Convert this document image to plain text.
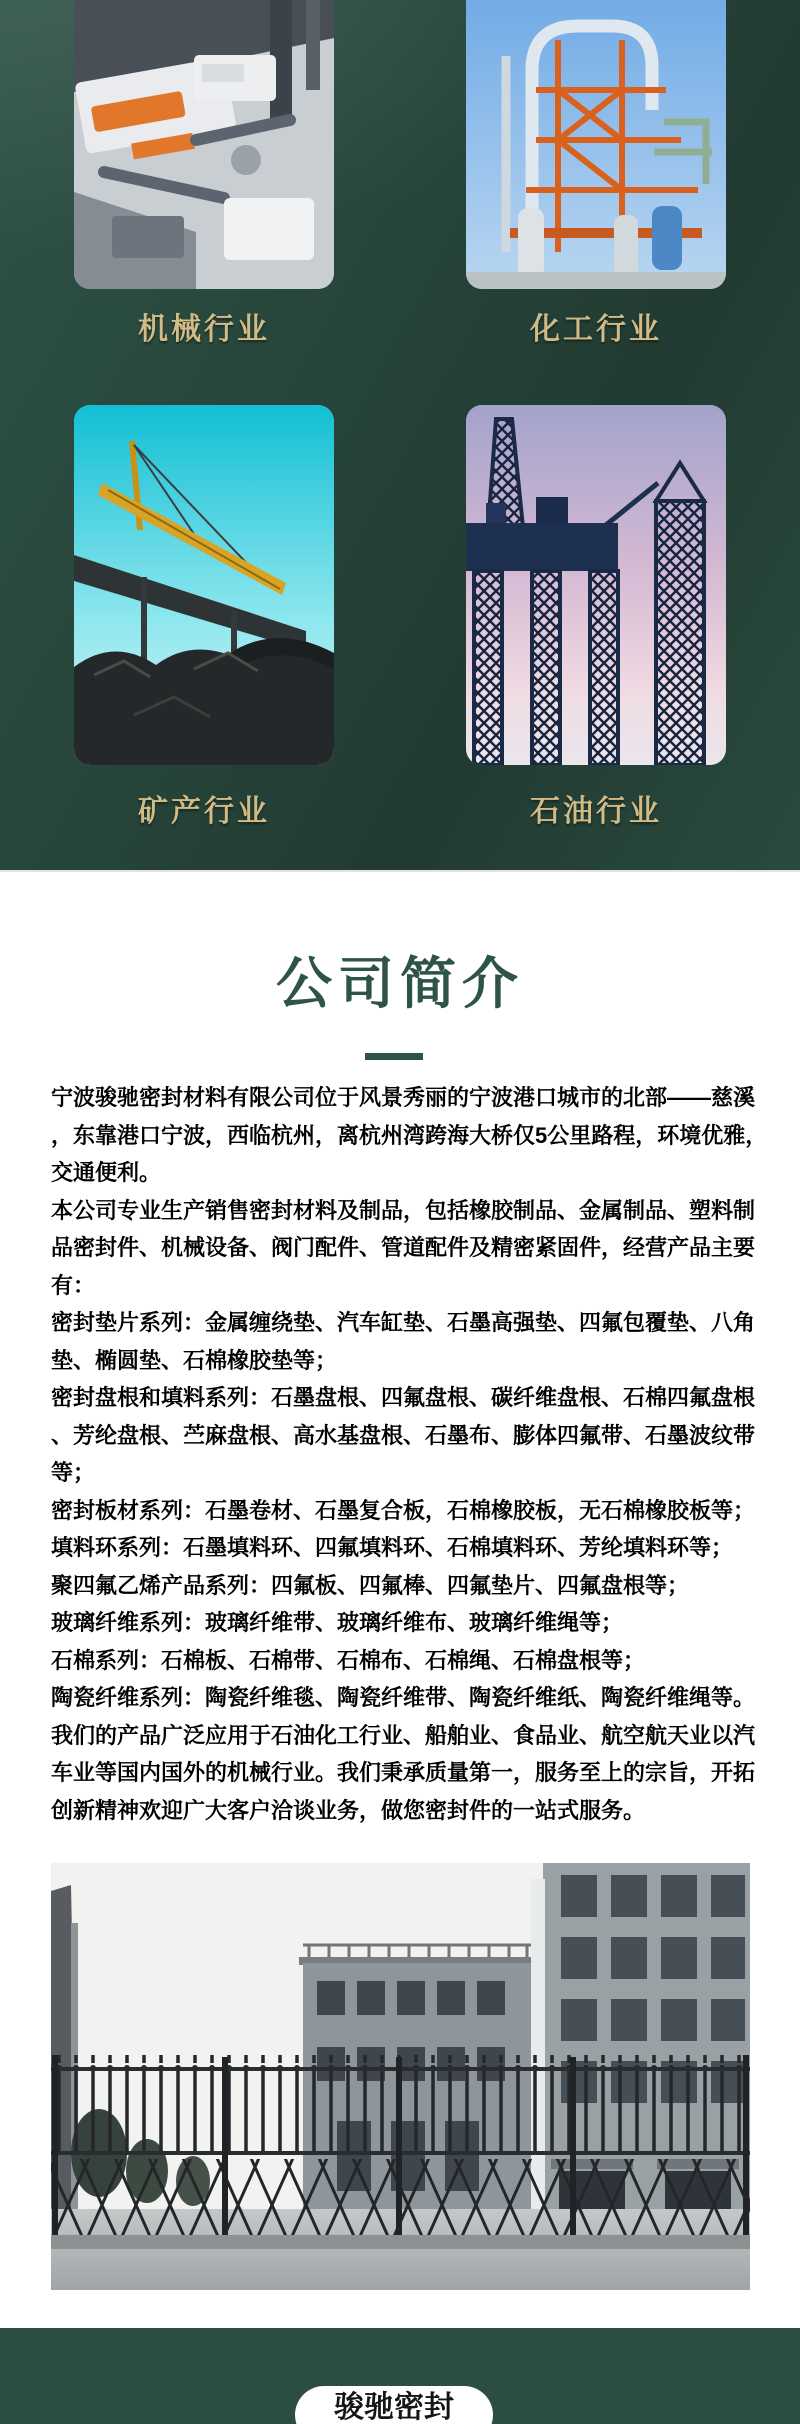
机械行业	化工行业
矿产行业	石油行业
公司简介
宁波骏驰密封材料有限公司位于风景秀丽的宁波港口城市的北部——慈溪
，东靠港口宁波，西临杭州，离杭州湾跨海大桥仅5公里路程，环境优雅，
交通便利。
本公司专业生产销售密封材料及制品，包括橡胶制品、金属制品、塑料制
品密封件、机械设备、阀门配件、管道配件及精密紧固件，经营产品主要
有：
密封垫片系列：金属缠绕垫、汽车缸垫、石墨高强垫、四氟包覆垫、八角
垫、椭圆垫、石棉橡胶垫等；
密封盘根和填料系列：石墨盘根、四氟盘根、碳纤维盘根、石棉四氟盘根
、芳纶盘根、苎麻盘根、高水基盘根、石墨布、膨体四氟带、石墨波纹带
等；
密封板材系列：石墨卷材、石墨复合板，石棉橡胶板，无石棉橡胶板等；
填料环系列：石墨填料环、四氟填料环、石棉填料环、芳纶填料环等；
聚四氟乙烯产品系列：四氟板、四氟棒、四氟垫片、四氟盘根等；
玻璃纤维系列：玻璃纤维带、玻璃纤维布、玻璃纤维绳等；
石棉系列：石棉板、石棉带、石棉布、石棉绳、石棉盘根等；
陶瓷纤维系列：陶瓷纤维毯、陶瓷纤维带、陶瓷纤维纸、陶瓷纤维绳等。
我们的产品广泛应用于石油化工行业、船舶业、食品业、航空航天业以汽
车业等国内国外的机械行业。我们秉承质量第一，服务至上的宗旨，开拓
创新精神欢迎广大客户洽谈业务，做您密封件的一站式服务。
骏驰密封
